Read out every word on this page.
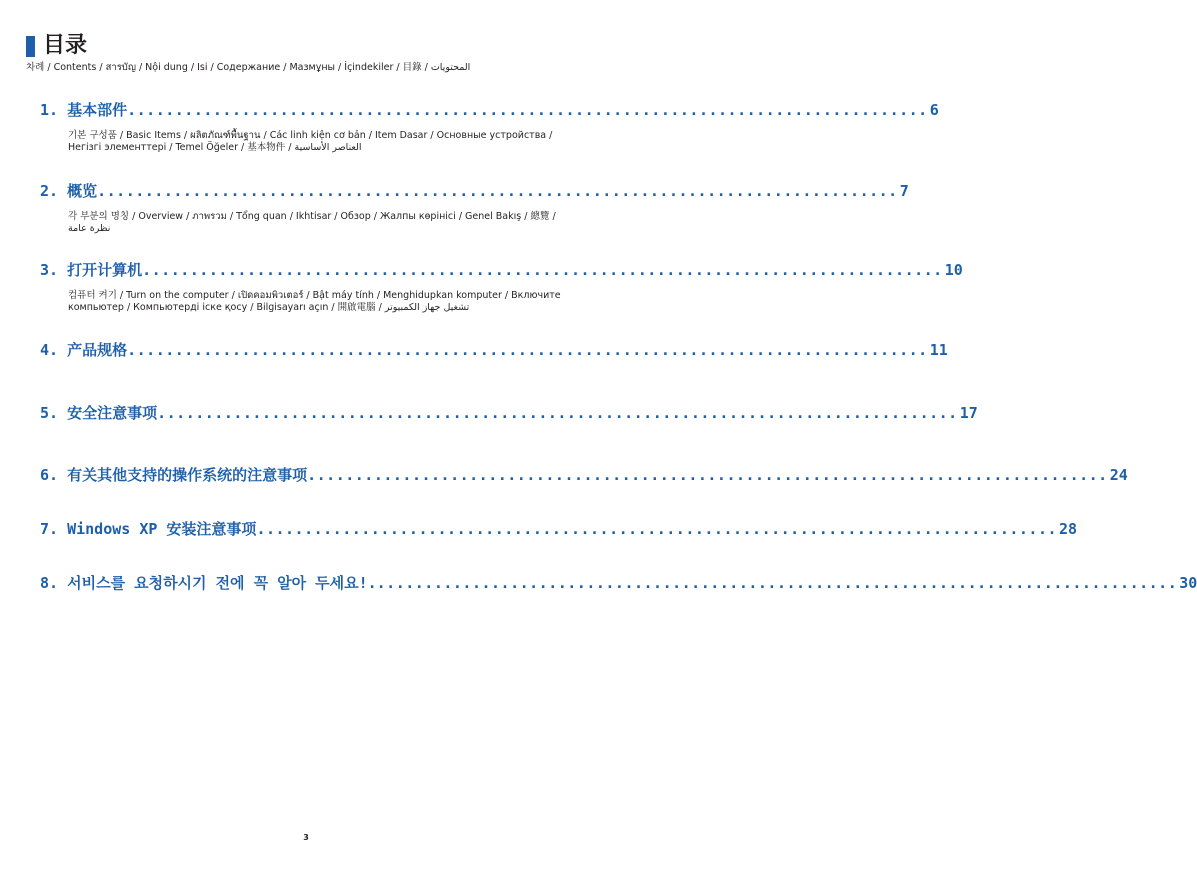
目录
차례 / Contents / สารบัญ / Nội dung / Isi / Содержание / Мазмұны / İçindekiler / 目錄 / المحتويات
1.
基本部件 .................................................................................... 6
기본 구성품 / Basic Items / ผลิตภัณฑ์พื้นฐาน / Các linh kiện cơ bản / Item Dasar / Основные устройства / Негізгі элементтері / Temel Öğeler / 基本物件 / العناصر الأساسية
2.
概览 .................................................................................... 7
각 부분의 명칭 / Overview / ภาพรวม / Tổng quan / Ikhtisar / Обзор / Жалпы көрінісі / Genel Bakış / 總覽 / نظرة عامة
3.
打开计算机 .................................................................................... 10
컴퓨터 켜기 / Turn on the computer / เปิดคอมพิวเตอร์ / Bật máy tính / Menghidupkan komputer / Включите компьютер / Компьютерді іске қосу / Bilgisayarı açın / 開啟電腦 / تشغيل جهاز الكمبيوتر
4.
产品规格 .................................................................................... 11
5.
安全注意事项 .................................................................................... 17
6.
有关其他支持的操作系统的注意事项 .................................................................................... 24
7.
Windows XP 安装注意事项 .................................................................................... 28
8.
서비스를 요청하시기 전에 꼭 알아 두세요!. .................................................................................... 30
3
